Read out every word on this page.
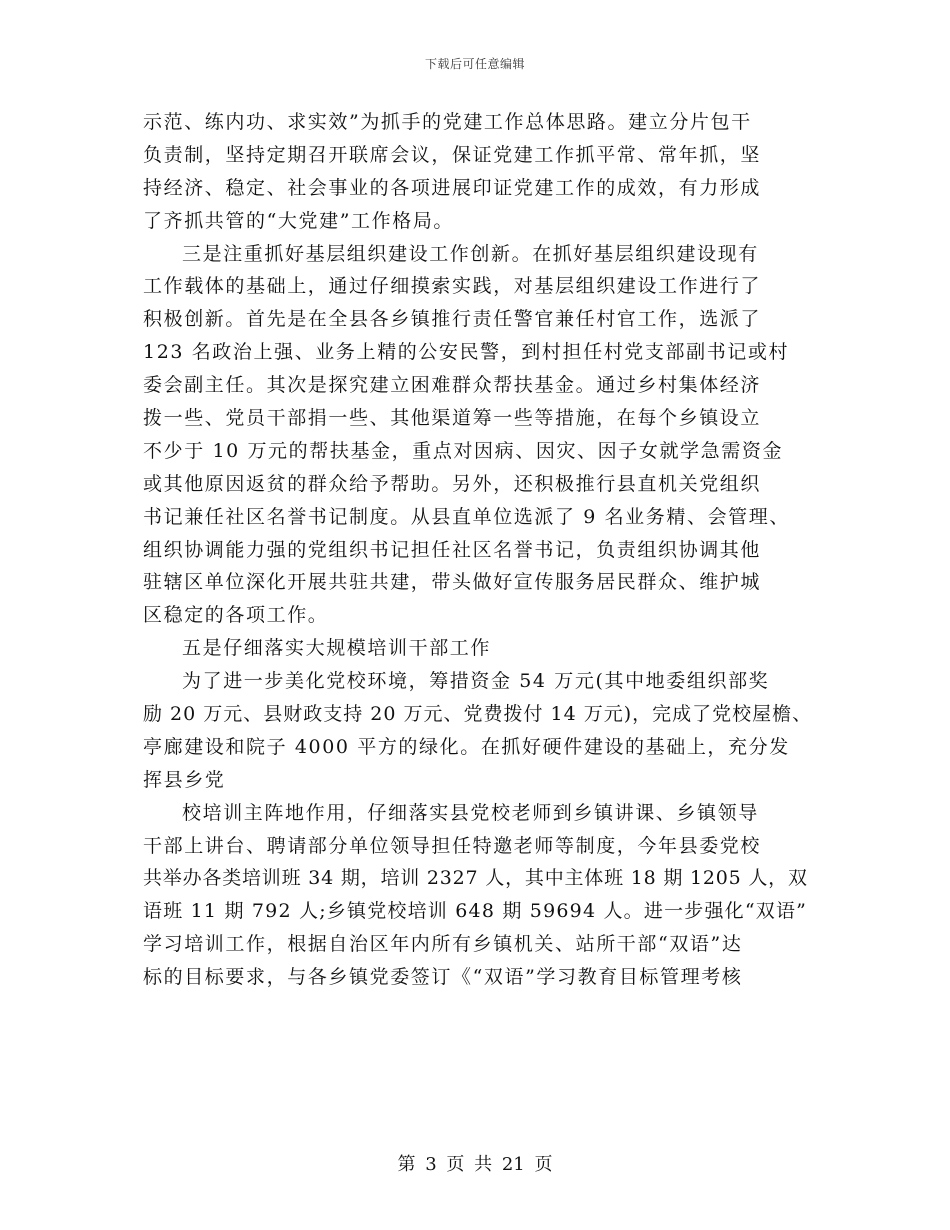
下载后可任意编辑
示范、练内功、求实效”为抓手的党建工作总体思路。建立分片包干
负责制，坚持定期召开联席会议，保证党建工作抓平常、常年抓，坚
持经济、稳定、社会事业的各项进展印证党建工作的成效，有力形成
了齐抓共管的“大党建”工作格局。
三是注重抓好基层组织建设工作创新。在抓好基层组织建设现有
工作载体的基础上，通过仔细摸索实践，对基层组织建设工作进行了
积极创新。首先是在全县各乡镇推行责任警官兼任村官工作，选派了
123 名政治上强、业务上精的公安民警，到村担任村党支部副书记或村
委会副主任。其次是探究建立困难群众帮扶基金。通过乡村集体经济
拨一些、党员干部捐一些、其他渠道筹一些等措施，在每个乡镇设立
不少于 10 万元的帮扶基金，重点对因病、因灾、因子女就学急需资金
或其他原因返贫的群众给予帮助。另外，还积极推行县直机关党组织
书记兼任社区名誉书记制度。从县直单位选派了 9 名业务精、会管理、
组织协调能力强的党组织书记担任社区名誉书记，负责组织协调其他
驻辖区单位深化开展共驻共建，带头做好宣传服务居民群众、维护城
区稳定的各项工作。
五是仔细落实大规模培训干部工作
为了进一步美化党校环境，筹措资金 54 万元(其中地委组织部奖
励 20 万元、县财政支持 20 万元、党费拨付 14 万元)，完成了党校屋檐、
亭廊建设和院子 4000 平方的绿化。在抓好硬件建设的基础上，充分发
挥县乡党
校培训主阵地作用，仔细落实县党校老师到乡镇讲课、乡镇领导
干部上讲台、聘请部分单位领导担任特邀老师等制度，今年县委党校
共举办各类培训班 34 期，培训 2327 人，其中主体班 18 期 1205 人，双
语班 11 期 792 人;乡镇党校培训 648 期 59694 人。进一步强化“双语”
学习培训工作，根据自治区年内所有乡镇机关、站所干部“双语”达
标的目标要求，与各乡镇党委签订《“双语”学习教育目标管理考核
第 3 页 共 21 页
